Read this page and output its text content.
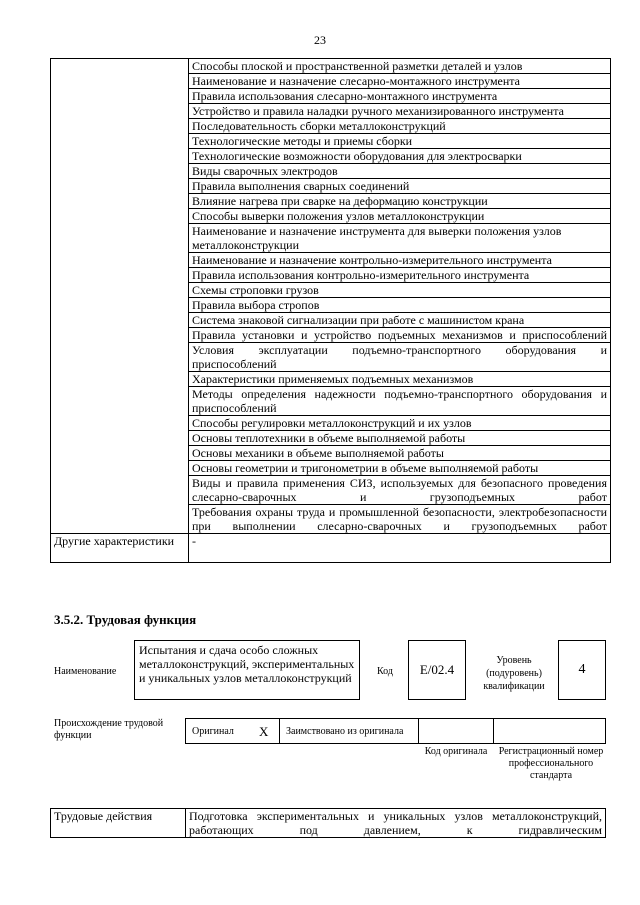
23
	Способы плоской и пространственной разметки деталей и узлов
	Наименование и назначение слесарно-монтажного инструмента
	Правила использования слесарно-монтажного инструмента
	Устройство и правила наладки ручного механизированного инструмента
	Последовательность сборки металлоконструкций
	Технологические методы и приемы сборки
	Технологические возможности оборудования для электросварки
	Виды сварочных электродов
	Правила выполнения сварных соединений
	Влияние нагрева при сварке на деформацию конструкции
	Способы выверки положения узлов металлоконструкции
	Наименование и назначение инструмента для выверки положения узлов металлоконструкции
	Наименование и назначение контрольно-измерительного инструмента
	Правила использования контрольно-измерительного инструмента
	Схемы строповки грузов
	Правила выбора стропов
	Система знаковой сигнализации при работе с машинистом крана
	Правила установки и устройство подъемных механизмов и приспособлений
	Условия эксплуатации подъемно-транспортного оборудования и приспособлений
	Характеристики применяемых подъемных механизмов
	Методы определения надежности подъемно-транспортного оборудования и приспособлений
	Способы регулировки металлоконструкций и их узлов
	Основы теплотехники в объеме выполняемой работы
	Основы механики в объеме выполняемой работы
	Основы геометрии и тригонометрии в объеме выполняемой работы
	Виды и правила применения СИЗ, используемых для безопасного проведения слесарно-сварочных и грузоподъемных работ
	Требования охраны труда и промышленной безопасности, электробезопасности при выполнении слесарно-сварочных и грузоподъемных работ
Другие характеристики	-
3.5.2. Трудовая функция
Наименование
Испытания и сдача особо сложных металлоконструкций, экспериментальных и уникальных узлов металлоконструкций	Код	E/02.4
Уровень (подуровень) квалификации
4
Происхождение трудовой функции	Оригинал X Заимствовано из оригинала
Код оригинала	Регистрационный номер профессионального стандарта
Трудовые действия	Подготовка экспериментальных и уникальных узлов металлоконструкций, работающих под давлением, к гидравлическим
